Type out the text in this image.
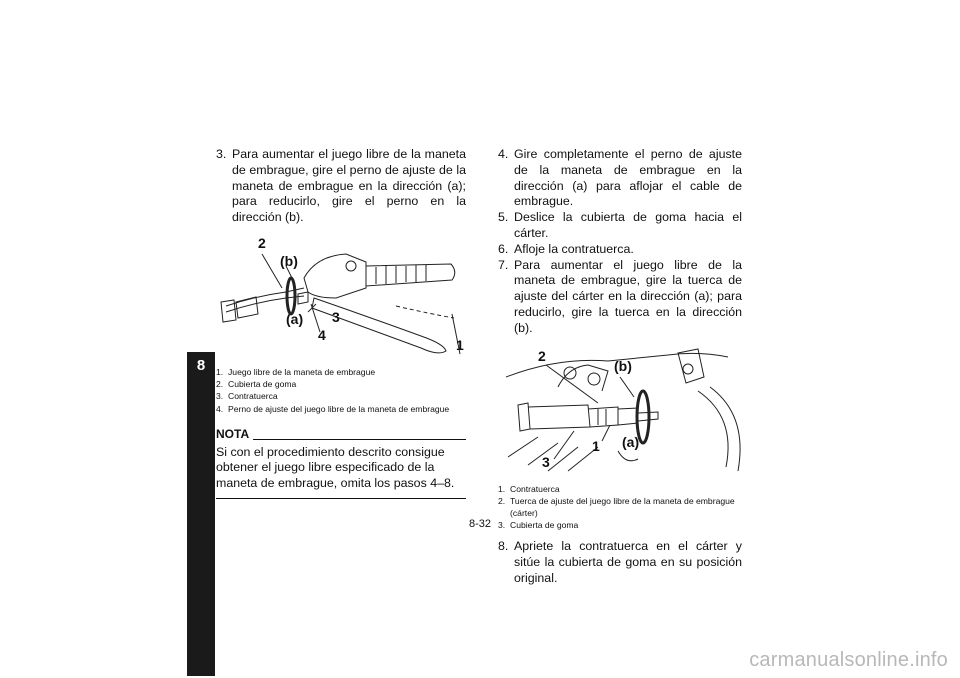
8
3. Para aumentar el juego libre de la maneta de embrague, gire el perno de ajuste de la maneta de embrague en la dirección (a); para reducirlo, gire el perno en la dirección (b).
2
(b)
(a) 3
4
1
1. Juego libre de la maneta de embrague
2. Cubierta de goma
3. Contratuerca
4. Perno de ajuste del juego libre de la maneta de embrague
NOTA
Si con el procedimiento descrito consigue obtener el juego libre especificado de la maneta de embrague, omita los pasos 4–8.
4. Gire completamente el perno de ajuste de la maneta de embrague en la dirección (a) para aflojar el cable de embrague.
5. Deslice la cubierta de goma hacia el cárter.
6. Afloje la contratuerca.
7. Para aumentar el juego libre de la maneta de embrague, gire la tuerca de ajuste del cárter en la dirección (a); para reducirlo, gire la tuerca en la dirección (b).
2
(b)
1 (a)
3
1. Contratuerca
2. Tuerca de ajuste del juego libre de la maneta de embrague (cárter)
3. Cubierta de goma
8. Apriete la contratuerca en el cárter y sitúe la cubierta de goma en su posición original.
8-32
carmanualsonline.info
